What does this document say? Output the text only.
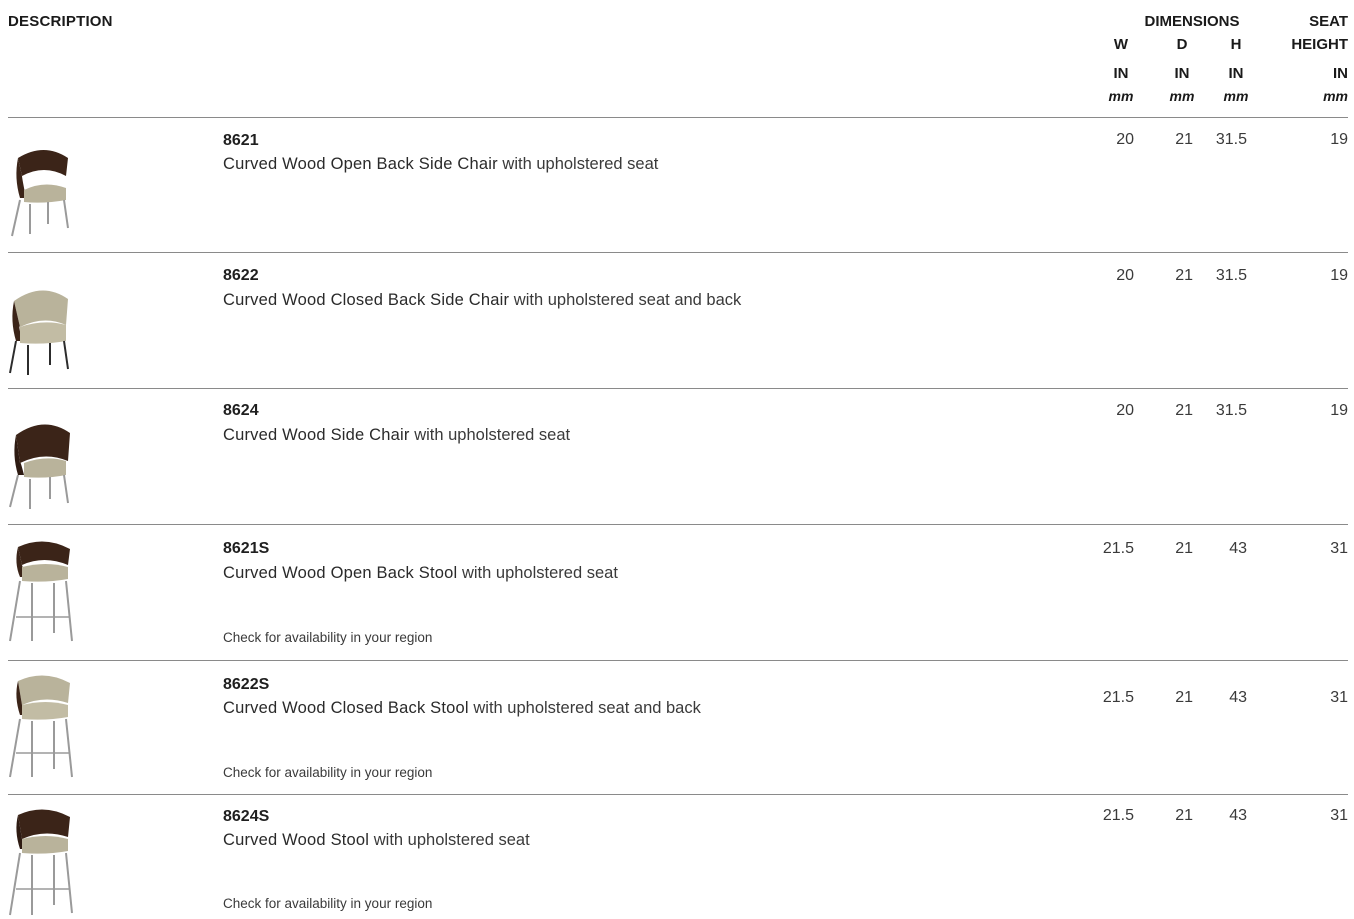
DESCRIPTION	DIMENSIONS	SEAT
HEIGHT
W	D	H
IN	IN	IN	IN
mm	mm	mm	mm
8621
Curved Wood Open Back Side Chair with upholstered seat
20	21	31.5	19
8622
Curved Wood Closed Back Side Chair with upholstered seat and back
20	21	31.5	19
8624
Curved Wood Side Chair with upholstered seat
20	21	31.5	19
8621S
Curved Wood Open Back Stool with upholstered seat
Check for availability in your region
21.5	21	43	31
8622S
Curved Wood Closed Back Stool with upholstered seat and back
Check for availability in your region
21.5	21	43	31
8624S
Curved Wood Stool with upholstered seat
Check for availability in your region
21.5	21	43	31
